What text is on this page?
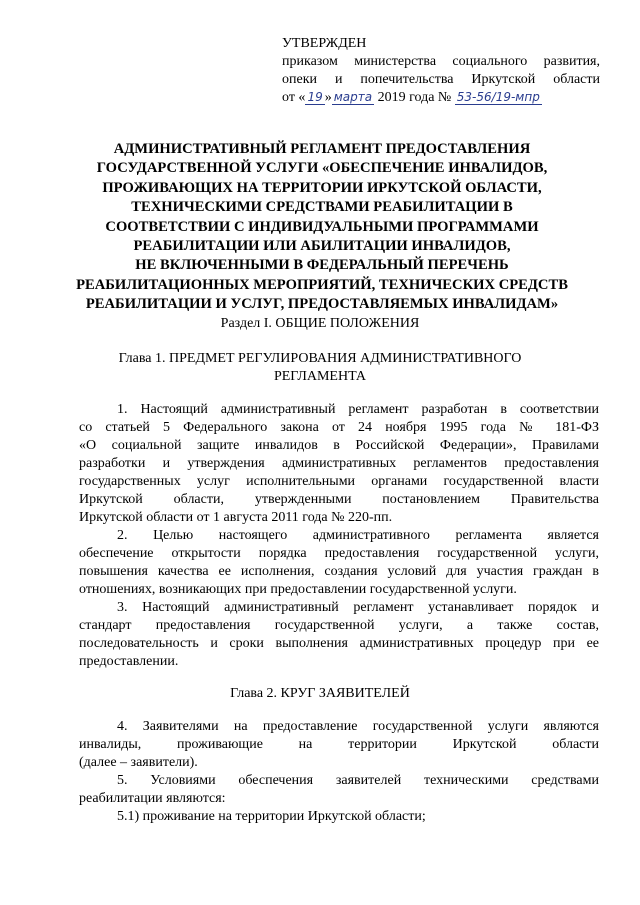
УТВЕРЖДЕН
приказом министерства социального развития,
опеки и попечительства Иркутской области
от « 19 » марта 2019 года № 53-56/19-мпр
АДМИНИСТРАТИВНЫЙ РЕГЛАМЕНТ ПРЕДОСТАВЛЕНИЯ
ГОСУДАРСТВЕННОЙ УСЛУГИ «ОБЕСПЕЧЕНИЕ ИНВАЛИДОВ,
ПРОЖИВАЮЩИХ НА ТЕРРИТОРИИ ИРКУТСКОЙ ОБЛАСТИ,
ТЕХНИЧЕСКИМИ СРЕДСТВАМИ РЕАБИЛИТАЦИИ В
СООТВЕТСТВИИ С ИНДИВИДУАЛЬНЫМИ ПРОГРАММАМИ
РЕАБИЛИТАЦИИ ИЛИ АБИЛИТАЦИИ ИНВАЛИДОВ,
НЕ ВКЛЮЧЕННЫМИ В ФЕДЕРАЛЬНЫЙ ПЕРЕЧЕНЬ
РЕАБИЛИТАЦИОННЫХ МЕРОПРИЯТИЙ, ТЕХНИЧЕСКИХ СРЕДСТВ
РЕАБИЛИТАЦИИ И УСЛУГ, ПРЕДОСТАВЛЯЕМЫХ ИНВАЛИДАМ»
Раздел I. ОБЩИЕ ПОЛОЖЕНИЯ
Глава 1. ПРЕДМЕТ РЕГУЛИРОВАНИЯ АДМИНИСТРАТИВНОГО
РЕГЛАМЕНТА
1. Настоящий административный регламент разработан в соответствии
со статьей 5 Федерального закона от 24 ноября 1995 года № 181-ФЗ
«О социальной защите инвалидов в Российской Федерации», Правилами
разработки и утверждения административных регламентов предоставления
государственных услуг исполнительными органами государственной власти
Иркутской области, утвержденными постановлением Правительства
Иркутской области от 1 августа 2011 года № 220-пп.
2. Целью настоящего административного регламента является
обеспечение открытости порядка предоставления государственной услуги,
повышения качества ее исполнения, создания условий для участия граждан в
отношениях, возникающих при предоставлении государственной услуги.
3. Настоящий административный регламент устанавливает порядок и
стандарт предоставления государственной услуги, а также состав,
последовательность и сроки выполнения административных процедур при ее
предоставлении.
Глава 2. КРУГ ЗАЯВИТЕЛЕЙ
4. Заявителями на предоставление государственной услуги являются
инвалиды, проживающие на территории Иркутской области
(далее – заявители).
5. Условиями обеспечения заявителей техническими средствами
реабилитации являются:
5.1) проживание на территории Иркутской области;
